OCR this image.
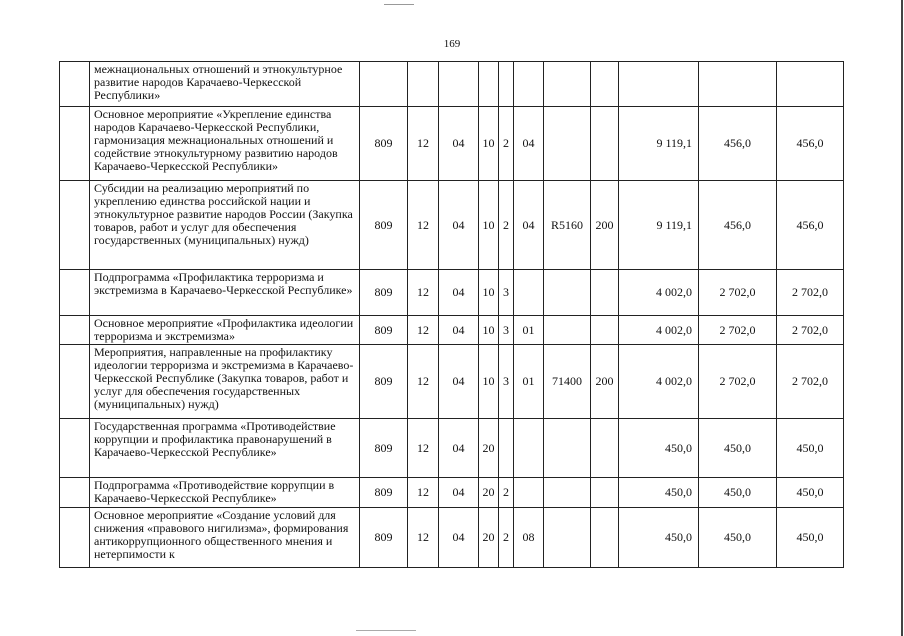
169
	межнациональных отношений и этнокультурное развитие народов Карачаево-Черкесской Республики»											
	Основное мероприятие «Укрепление единства народов Карачаево-Черкесской Республики, гармонизация межнациональных отношений и содействие этнокультурному развитию народов Карачаево-Черкесской Республики»	809	12	04	10	2	04			9 119,1	456,0	456,0
	Субсидии на реализацию мероприятий по укреплению единства российской нации и этнокультурное развитие народов России (Закупка товаров, работ и услуг для обеспечения государственных (муниципальных) нужд)	809	12	04	10	2	04	R5160	200	9 119,1	456,0	456,0
	Подпрограмма «Профилактика терроризма и экстремизма в Карачаево-Черкесской Республике»	809	12	04	10	3				4 002,0	2 702,0	2 702,0
	Основное мероприятие «Профилактика идеологии терроризма и экстремизма»	809	12	04	10	3	01			4 002,0	2 702,0	2 702,0
	Мероприятия, направленные на профилактику идеологии терроризма и экстремизма в Карачаево-Черкесской Республике (Закупка товаров, работ и услуг для обеспечения государственных (муниципальных) нужд)	809	12	04	10	3	01	71400	200	4 002,0	2 702,0	2 702,0
	Государственная программа «Противодействие коррупции и профилактика правонарушений в Карачаево-Черкесской Республике»	809	12	04	20					450,0	450,0	450,0
	Подпрограмма «Противодействие коррупции в Карачаево-Черкесской Республике»	809	12	04	20	2				450,0	450,0	450,0
	Основное мероприятие «Создание условий для снижения «правового нигилизма», формирования антикоррупционного общественного мнения и нетерпимости к	809	12	04	20	2	08			450,0	450,0	450,0
